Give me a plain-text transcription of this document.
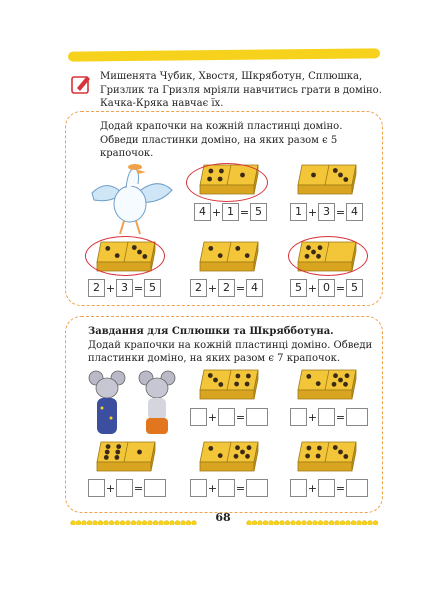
Мишенята Чубик, Хвостя, Шкряботун, Сплюшка, Гризлик та Гризля мріяли навчитись грати в доміно. Качка-Кряка навчає їх.
Додай крапочки на кожній пластинці доміно. Обведи пластинки доміно, на яких разом є 5 крапочок.
4 + 1 = 5	1 + 3 = 4
2 + 3 = 5	2 + 2 = 4	5 + 0 = 5
Завдання для Сплюшки та Шкрябботуна.
Додай крапочки на кожній пластинці доміно. Обведи пластинки доміно, на яких разом є 7 крапочок.
+ =	+ =
+ =	+ =	+ =
68
